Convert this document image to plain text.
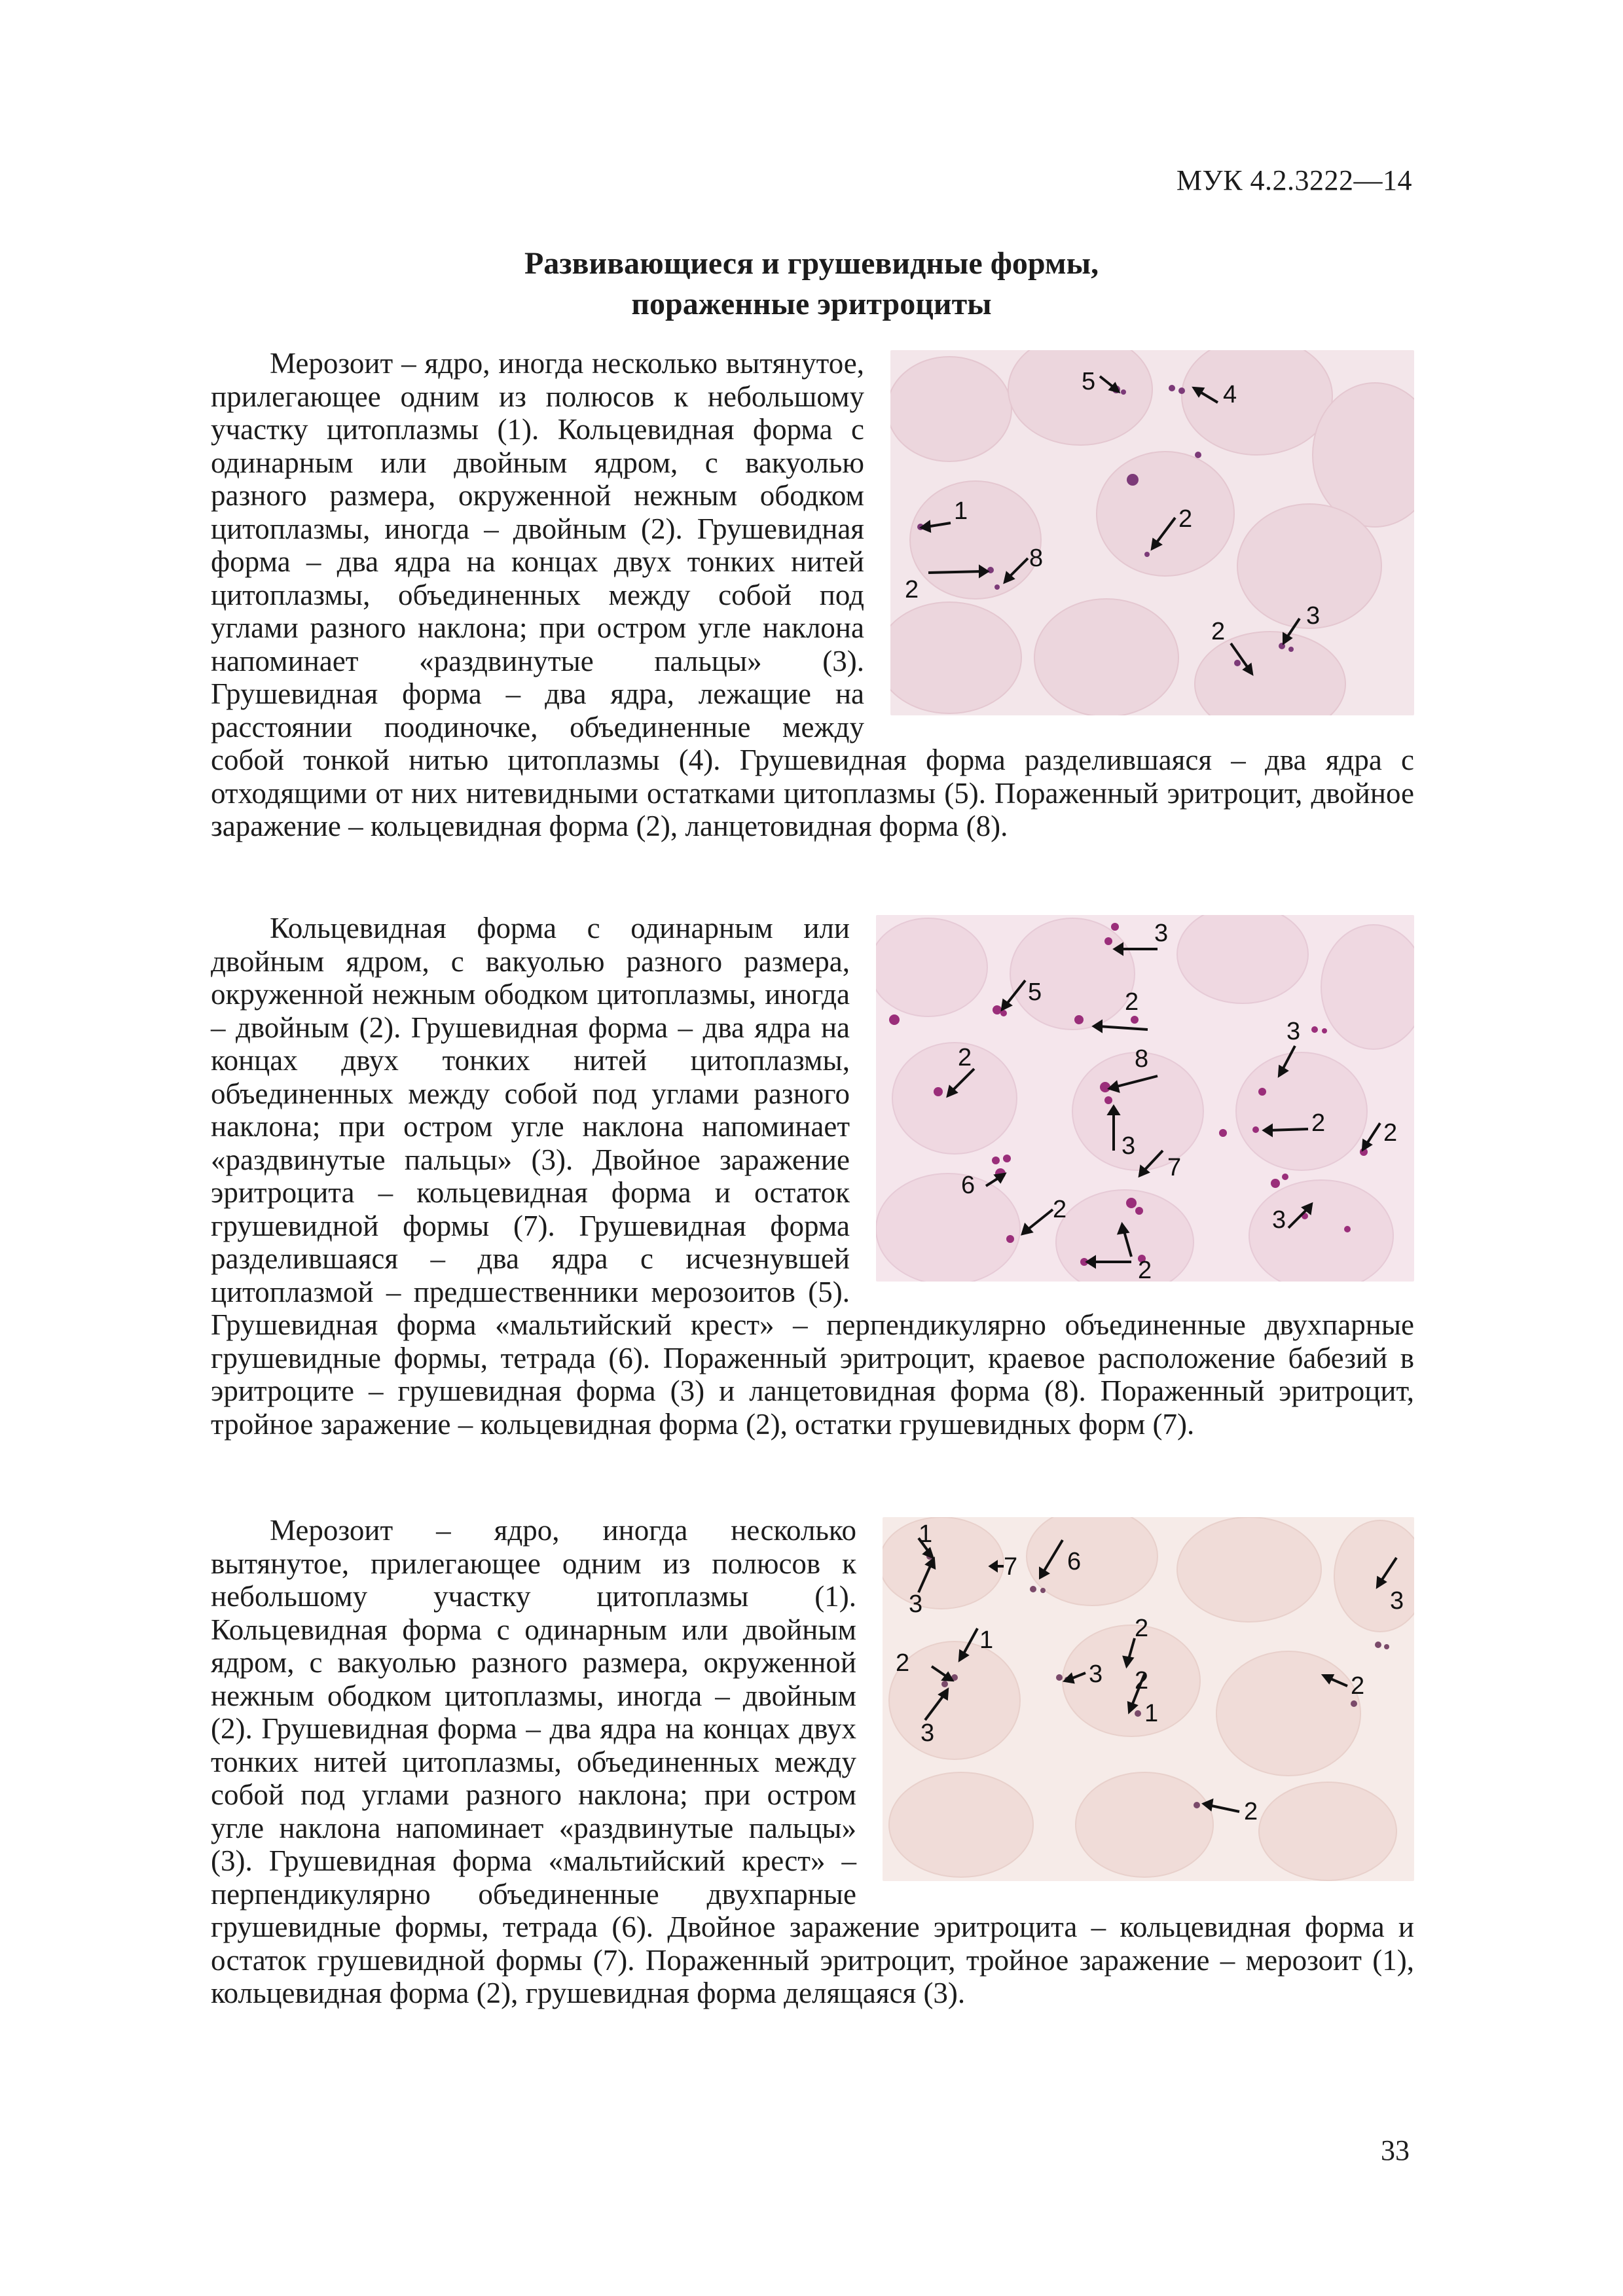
МУК 4.2.3222—14
Развивающиеся и грушевидные формы,
пораженные эритроциты
5	4
1	2
2
8
2
3

Мерозоит – ядро, иногда несколько вытянутое, прилегающее одним из полюсов к небольшому участку цитоплазмы (1). Кольцевидная форма с одинарным или двойным ядром, с вакуолью разного размера, окруженной нежным ободком цитоплазмы, иногда – двойным (2). Грушевидная форма – два ядра на концах двух тонких нитей цитоплазмы, объединенных между собой под углами разного наклона; при остром угле наклона напоминает «раздвинутые пальцы» (3). Грушевидная форма – два ядра, лежащие на расстоянии поодиночке, объединенные между собой тонкой нитью цитоплазмы (4). Грушевидная форма разделившаяся – два ядра с отходящими от них нитевидными остатками цитоплазмы (5). Пораженный эритроцит, двойное заражение – кольцевидная форма (2), ланцетовидная форма (8).

3
5	2
3
2	8
2
3	2
6
7
2	3
2

Кольцевидная форма с одинарным или двойным ядром, с вакуолью разного размера, окруженной нежным ободком цитоплазмы, иногда – двойным (2). Грушевидная форма – два ядра на концах двух тонких нитей цитоплазмы, объединенных между собой под углами разного наклона; при остром угле наклона напоминает «раздвинутые пальцы» (3). Двойное заражение эритроцита – кольцевидная форма и остаток грушевидной формы (7). Грушевидная форма разделившаяся – два ядра с исчезнувшей цитоплазмой – предшественники мерозоитов (5). Грушевидная форма «мальтийский крест» – перпендикулярно объединенные двухпарные грушевидные формы, тетрада (6). Пораженный эритроцит, краевое расположение бабезий в эритроците – грушевидная форма (3) и ланцетовидная форма (8). Пораженный эритроцит, тройное заражение – кольцевидная форма (2), остатки грушевидных форм (7).

1
7 6
3
3
2
1	2
3	2
3
1
2
2

Мерозоит – ядро, иногда несколько вытянутое, прилегающее одним из полюсов к небольшому участку цитоплазмы (1). Кольцевидная форма с одинарным или двойным ядром, с вакуолью разного размера, окруженной нежным ободком цитоплазмы, иногда – двойным (2). Грушевидная форма – два ядра на концах двух тонких нитей цитоплазмы, объединенных между собой под углами разного наклона; при остром угле наклона напоминает «раздвинутые пальцы» (3). Грушевидная форма «мальтийский крест» – перпендикулярно объединенные двухпарные грушевидные формы, тетрада (6). Двойное заражение эритроцита – кольцевидная форма и остаток грушевидной формы (7). Пораженный эритроцит, тройное заражение – мерозоит (1), кольцевидная форма (2), грушевидная форма делящаяся (3).

33
